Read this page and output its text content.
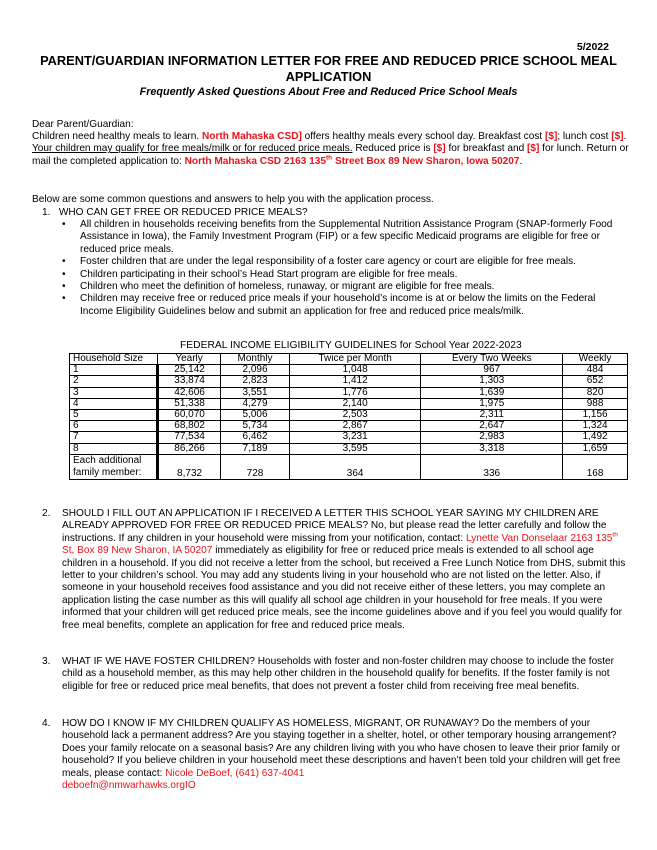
5/2022
PARENT/GUARDIAN INFORMATION LETTER FOR FREE AND REDUCED PRICE SCHOOL MEAL APPLICATION
Frequently Asked Questions About Free and Reduced Price School Meals
Dear Parent/Guardian:
Children need healthy meals to learn. North Mahaska CSD] offers healthy meals every school day. Breakfast cost [$]; lunch cost [$]. Your children may qualify for free meals/milk or for reduced price meals. Reduced price is [$] for breakfast and [$] for lunch. Return or mail the completed application to: North Mahaska CSD 2163 135th Street Box 89 New Sharon, Iowa 50207.
Below are some common questions and answers to help you with the application process.
1. WHO CAN GET FREE OR REDUCED PRICE MEALS?
• All children in households receiving benefits from the Supplemental Nutrition Assistance Program (SNAP-formerly Food Assistance in Iowa), the Family Investment Program (FIP) or a few specific Medicaid programs are eligible for free or reduced price meals.
• Foster children that are under the legal responsibility of a foster care agency or court are eligible for free meals.
• Children participating in their school’s Head Start program are eligible for free meals.
• Children who meet the definition of homeless, runaway, or migrant are eligible for free meals.
• Children may receive free or reduced price meals if your household’s income is at or below the limits on the Federal Income Eligibility Guidelines below and submit an application for free and reduced price meals/milk.
FEDERAL INCOME ELIGIBILITY GUIDELINES for School Year 2022-2023
Household Size	Yearly	Monthly	Twice per Month	Every Two Weeks	Weekly
1	25,142	2,096	1,048	967	484
2	33,874	2,823	1,412	1,303	652
3	42,606	3,551	1,776	1,639	820
4	51,338	4,279	2,140	1,975	988
5	60,070	5,006	2,503	2,311	1,156
6	68,802	5,734	2,867	2,647	1,324
7	77,534	6,462	3,231	2,983	1,492
8	86,266	7,189	3,595	3,318	1,659
Each additional
family member:	8,732	728	364	336	168
2. SHOULD I FILL OUT AN APPLICATION IF I RECEIVED A LETTER THIS SCHOOL YEAR SAYING MY CHILDREN ARE ALREADY APPROVED FOR FREE OR REDUCED PRICE MEALS? No, but please read the letter carefully and follow the instructions. If any children in your household were missing from your notification, contact: Lynette Van Donselaar 2163 135th St, Box 89 New Sharon, IA 50207 immediately as eligibility for free or reduced price meals is extended to all school age children in a household. If you did not receive a letter from the school, but received a Free Lunch Notice from DHS, submit this letter to your children’s school. You may add any students living in your household who are not listed on the letter. Also, if someone in your household receives food assistance and you did not receive either of these letters, you may complete an application listing the case number as this will qualify all school age children in your household for free meals. If you were informed that your children will get reduced price meals, see the income guidelines above and if you feel you would qualify for free meal benefits, complete an application for free and reduced price meals.
3. WHAT IF WE HAVE FOSTER CHILDREN? Households with foster and non-foster children may choose to include the foster child as a household member, as this may help other children in the household qualify for benefits. If the foster family is not eligible for free or reduced price meal benefits, that does not prevent a foster child from receiving free meal benefits.
4. HOW DO I KNOW IF MY CHILDREN QUALIFY AS HOMELESS, MIGRANT, OR RUNAWAY? Do the members of your household lack a permanent address? Are you staying together in a shelter, hotel, or other temporary housing arrangement? Does your family relocate on a seasonal basis? Are any children living with you who have chosen to leave their prior family or household? If you believe children in your household meet these descriptions and haven’t been told your children will get free meals, please contact: Nicole DeBoef, (641) 637-4041
deboefn@nmwarhawks.orgIO
